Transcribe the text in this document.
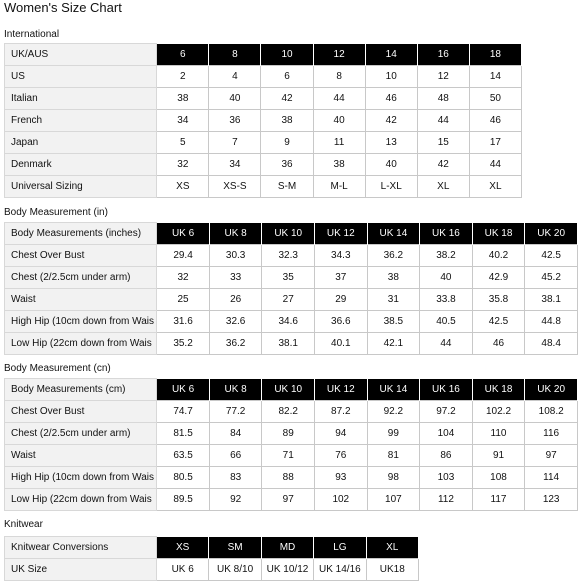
Women's Size Chart
International
UK/AUS	6	8	10	12	14	16	18
US	2	4	6	8	10	12	14
Italian	38	40	42	44	46	48	50
French	34	36	38	40	42	44	46
Japan	5	7	9	11	13	15	17
Denmark	32	34	36	38	40	42	44
Universal Sizing	XS	XS-S	S-M	M-L	L-XL	XL	XL
Body Measurement (in)
Body Measurements (inches)	UK 6	UK 8	UK 10	UK 12	UK 14	UK 16	UK 18	UK 20
Chest Over Bust	29.4	30.3	32.3	34.3	36.2	38.2	40.2	42.5
Chest (2/2.5cm under arm)	32	33	35	37	38	40	42.9	45.2
Waist	25	26	27	29	31	33.8	35.8	38.1
High Hip (10cm down from Wais	31.6	32.6	34.6	36.6	38.5	40.5	42.5	44.8
Low Hip (22cm down from Wais	35.2	36.2	38.1	40.1	42.1	44	46	48.4
Body Measurement (cn)
Body Measurements (cm)	UK 6	UK 8	UK 10	UK 12	UK 14	UK 16	UK 18	UK 20
Chest Over Bust	74.7	77.2	82.2	87.2	92.2	97.2	102.2	108.2
Chest (2/2.5cm under arm)	81.5	84	89	94	99	104	110	116
Waist	63.5	66	71	76	81	86	91	97
High Hip (10cm down from Wais	80.5	83	88	93	98	103	108	114
Low Hip (22cm down from Wais	89.5	92	97	102	107	112	117	123
Knitwear
Knitwear Conversions	XS	SM	MD	LG	XL
UK Size	UK 6	UK 8/10	UK 10/12	UK 14/16	UK18
